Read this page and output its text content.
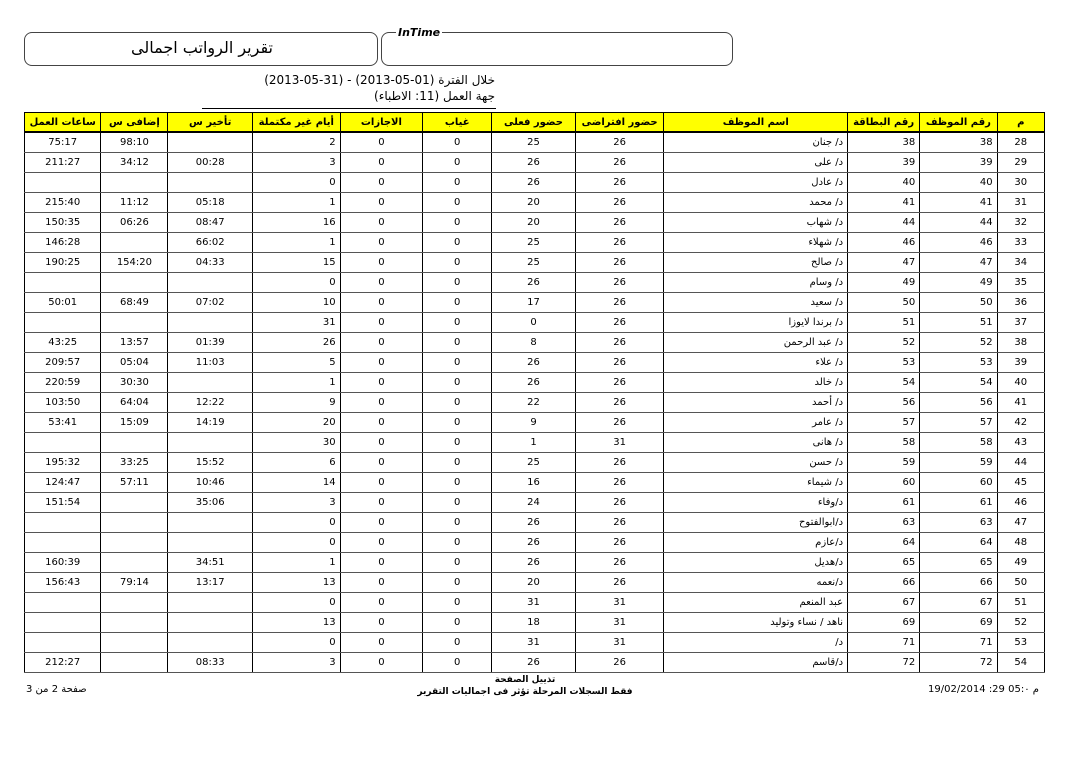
تقرير الرواتب اجمالى
InTime
خلال الفترة (01-05-2013) - (31-05-2013)
جهة العمل (11: الاطباء)
م	رقم الموظف	رقم البطاقة	اسم الموظف	حضور افتراضى	حضور فعلى	غياب	الاجازات	أيام غير مكتملة	تأخير س	إضافى س	ساعات العمل
28	38	38	د/ جنان	26	25	0	0	2		98:10	75:17
29	39	39	د/ على	26	26	0	0	3	00:28	34:12	211:27
30	40	40	د/ عادل	26	26	0	0	0			
31	41	41	د/ محمد	26	20	0	0	1	05:18	11:12	215:40
32	44	44	د/ شهاب	26	20	0	0	16	08:47	06:26	150:35
33	46	46	د/ شهلاء	26	25	0	0	1	66:02		146:28
34	47	47	د/ صالح	26	25	0	0	15	04:33	154:20	190:25
35	49	49	د/ وسام	26	26	0	0	0			
36	50	50	د/ سعيد	26	17	0	0	10	07:02	68:49	50:01
37	51	51	د/ برندا لايوزا	26	0	0	0	31			
38	52	52	د/ عبد الرحمن	26	8	0	0	26	01:39	13:57	43:25
39	53	53	د/ علاء	26	26	0	0	5	11:03	05:04	209:57
40	54	54	د/ خالد	26	26	0	0	1		30:30	220:59
41	56	56	د/ أحمد	26	22	0	0	9	12:22	64:04	103:50
42	57	57	د/ عامر	26	9	0	0	20	14:19	15:09	53:41
43	58	58	د/ هانى	31	1	0	0	30			
44	59	59	د/ حسن	26	25	0	0	6	15:52	33:25	195:32
45	60	60	د/ شيماء	26	16	0	0	14	10:46	57:11	124:47
46	61	61	د/وفاء	26	24	0	0	3	35:06		151:54
47	63	63	د/ابوالفتوح	26	26	0	0	0			
48	64	64	د/عازم	26	26	0	0	0			
49	65	65	د/هديل	26	26	0	0	1	34:51		160:39
50	66	66	د/نعمه	26	20	0	0	13	13:17	79:14	156:43
51	67	67	عبد المنعم	31	31	0	0	0			
52	69	69	ناهد / نساء وتوليد	31	18	0	0	13			
53	71	71	د/	31	31	0	0	0			
54	72	72	د/قاسم	26	26	0	0	3	08:33		212:27
19/02/2014 :29 م 05:٠
صفحة 2 من 3
تذييل الصفحة
فقط السجلات المرحلة تؤثر فى اجماليات التقرير
